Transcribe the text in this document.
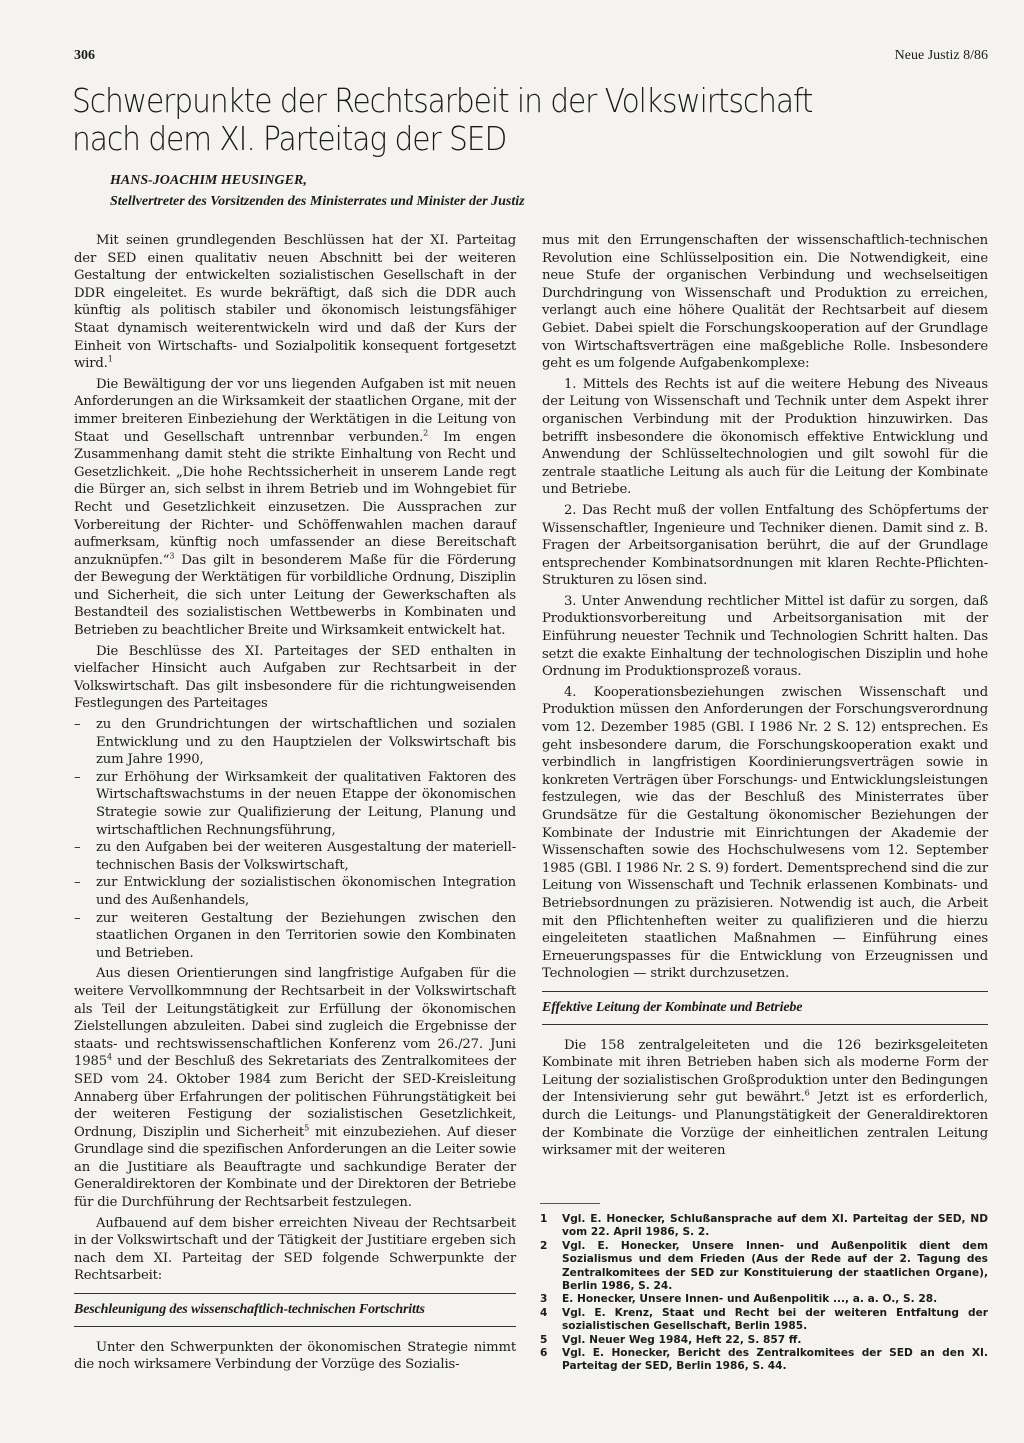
306	Neue Justiz 8/86
Schwerpunkte der Rechtsarbeit in der Volkswirtschaft
nach dem XI. Parteitag der SED
HANS-JOACHIM HEUSINGER,
Stellvertreter des Vorsitzenden des Ministerrates und Minister der Justiz

Mit seinen grundlegenden Beschlüssen hat der XI. Parteitag der SED einen qualitativ neuen Abschnitt bei der weiteren Gestaltung der entwickelten sozialistischen Gesellschaft in der DDR eingeleitet. Es wurde bekräftigt, daß sich die DDR auch künftig als politisch stabiler und ökonomisch leistungsfähiger Staat dynamisch weiterentwickeln wird und daß der Kurs der Einheit von Wirtschafts- und Sozialpolitik konsequent fortgesetzt wird.$^1$

Die Bewältigung der vor uns liegenden Aufgaben ist mit neuen Anforderungen an die Wirksamkeit der staatlichen Organe, mit der immer breiteren Einbeziehung der Werktätigen in die Leitung von Staat und Gesellschaft untrennbar verbunden.$^2$ Im engen Zusammenhang damit steht die strikte Einhaltung von Recht und Gesetzlichkeit. „Die hohe Rechtssicherheit in unserem Lande regt die Bürger an, sich selbst in ihrem Betrieb und im Wohngebiet für Recht und Gesetzlichkeit einzusetzen. Die Aussprachen zur Vorbereitung der Richter- und Schöffenwahlen machen darauf aufmerksam, künftig noch umfassender an diese Bereitschaft anzuknüpfen.“$^3$ Das gilt in besonderem Maße für die Förderung der Bewegung der Werktätigen für vorbildliche Ordnung, Disziplin und Sicherheit, die sich unter Leitung der Gewerkschaften als Bestandteil des sozialistischen Wettbewerbs in Kombinaten und Betrieben zu beachtlicher Breite und Wirksamkeit entwickelt hat.

Die Beschlüsse des XI. Parteitages der SED enthalten in vielfacher Hinsicht auch Aufgaben zur Rechtsarbeit in der Volkswirtschaft. Das gilt insbesondere für die richtungweisenden Festlegungen des Parteitages

– zu den Grundrichtungen der wirtschaftlichen und sozialen Entwicklung und zu den Hauptzielen der Volkswirtschaft bis zum Jahre 1990,
– zur Erhöhung der Wirksamkeit der qualitativen Faktoren des Wirtschaftswachstums in der neuen Etappe der ökonomischen Strategie sowie zur Qualifizierung der Leitung, Planung und wirtschaftlichen Rechnungsführung,
– zu den Aufgaben bei der weiteren Ausgestaltung der materiell-technischen Basis der Volkswirtschaft,
– zur Entwicklung der sozialistischen ökonomischen Integration und des Außenhandels,
– zur weiteren Gestaltung der Beziehungen zwischen den staatlichen Organen in den Territorien sowie den Kombinaten und Betrieben.

Aus diesen Orientierungen sind langfristige Aufgaben für die weitere Vervollkommnung der Rechtsarbeit in der Volkswirtschaft als Teil der Leitungstätigkeit zur Erfüllung der ökonomischen Zielstellungen abzuleiten. Dabei sind zugleich die Ergebnisse der staats- und rechtswissenschaftlichen Konferenz vom 26./27. Juni 1985$^4$ und der Beschluß des Sekretariats des Zentralkomitees der SED vom 24. Oktober 1984 zum Bericht der SED-Kreisleitung Annaberg über Erfahrungen der politischen Führungstätigkeit bei der weiteren Festigung der sozialistischen Gesetzlichkeit, Ordnung, Disziplin und Sicherheit$^5$ mit einzubeziehen. Auf dieser Grundlage sind die spezifischen Anforderungen an die Leiter sowie an die Justitiare als Beauftragte und sachkundige Berater der Generaldirektoren der Kombinate und der Direktoren der Betriebe für die Durchführung der Rechtsarbeit festzulegen.

Aufbauend auf dem bisher erreichten Niveau der Rechtsarbeit in der Volkswirtschaft und der Tätigkeit der Justitiare ergeben sich nach dem XI. Parteitag der SED folgende Schwerpunkte der Rechtsarbeit:

Beschleunigung des wissenschaftlich-technischen Fortschritts

Unter den Schwerpunkten der ökonomischen Strategie nimmt die noch wirksamere Verbindung der Vorzüge des Sozialis-

mus mit den Errungenschaften der wissenschaftlich-technischen Revolution eine Schlüsselposition ein. Die Notwendigkeit, eine neue Stufe der organischen Verbindung und wechselseitigen Durchdringung von Wissenschaft und Produktion zu erreichen, verlangt auch eine höhere Qualität der Rechtsarbeit auf diesem Gebiet. Dabei spielt die Forschungskooperation auf der Grundlage von Wirtschaftsverträgen eine maßgebliche Rolle. Insbesondere geht es um folgende Aufgabenkomplexe:

1. Mittels des Rechts ist auf die weitere Hebung des Niveaus der Leitung von Wissenschaft und Technik unter dem Aspekt ihrer organischen Verbindung mit der Produktion hinzuwirken. Das betrifft insbesondere die ökonomisch effektive Entwicklung und Anwendung der Schlüsseltechnologien und gilt sowohl für die zentrale staatliche Leitung als auch für die Leitung der Kombinate und Betriebe.
2. Das Recht muß der vollen Entfaltung des Schöpfertums der Wissenschaftler, Ingenieure und Techniker dienen. Damit sind z. B. Fragen der Arbeitsorganisation berührt, die auf der Grundlage entsprechender Kombinatsordnungen mit klaren Rechte-Pflichten-Strukturen zu lösen sind.
3. Unter Anwendung rechtlicher Mittel ist dafür zu sorgen, daß Produktionsvorbereitung und Arbeitsorganisation mit der Einführung neuester Technik und Technologien Schritt halten. Das setzt die exakte Einhaltung der technologischen Disziplin und hohe Ordnung im Produktionsprozeß voraus.
4. Kooperationsbeziehungen zwischen Wissenschaft und Produktion müssen den Anforderungen der Forschungsverordnung vom 12. Dezember 1985 (GBl. I 1986 Nr. 2 S. 12) entsprechen. Es geht insbesondere darum, die Forschungskooperation exakt und verbindlich in langfristigen Koordinierungsverträgen sowie in konkreten Verträgen über Forschungs- und Entwicklungsleistungen festzulegen, wie das der Beschluß des Ministerrates über Grundsätze für die Gestaltung ökonomischer Beziehungen der Kombinate der Industrie mit Einrichtungen der Akademie der Wissenschaften sowie des Hochschulwesens vom 12. September 1985 (GBl. I 1986 Nr. 2 S. 9) fordert. Dementsprechend sind die zur Leitung von Wissenschaft und Technik erlassenen Kombinats- und Betriebsordnungen zu präzisieren. Notwendig ist auch, die Arbeit mit den Pflichtenheften weiter zu qualifizieren und die hierzu eingeleiteten staatlichen Maßnahmen — Einführung eines Erneuerungspasses für die Entwicklung von Erzeugnissen und Technologien — strikt durchzusetzen.

Effektive Leitung der Kombinate und Betriebe

Die 158 zentralgeleiteten und die 126 bezirksgeleiteten Kombinate mit ihren Betrieben haben sich als moderne Form der Leitung der sozialistischen Großproduktion unter den Bedingungen der Intensivierung sehr gut bewährt.$^6$ Jetzt ist es erforderlich, durch die Leitungs- und Planungstätigkeit der Generaldirektoren der Kombinate die Vorzüge der einheitlichen zentralen Leitung wirksamer mit der weiteren

1	Vgl. E. Honecker, Schlußansprache auf dem XI. Parteitag der SED, ND vom 22. April 1986, S. 2.
2	Vgl. E. Honecker, Unsere Innen- und Außenpolitik dient dem Sozialismus und dem Frieden (Aus der Rede auf der 2. Tagung des Zentralkomitees der SED zur Konstituierung der staatlichen Organe), Berlin 1986, S. 24.
3	E. Honecker, Unsere Innen- und Außenpolitik ..., a. a. O., S. 28.
4	Vgl. E. Krenz, Staat und Recht bei der weiteren Entfaltung der sozialistischen Gesellschaft, Berlin 1985.
5	Vgl. Neuer Weg 1984, Heft 22, S. 857 ff.
6	Vgl. E. Honecker, Bericht des Zentralkomitees der SED an den XI. Parteitag der SED, Berlin 1986, S. 44.
